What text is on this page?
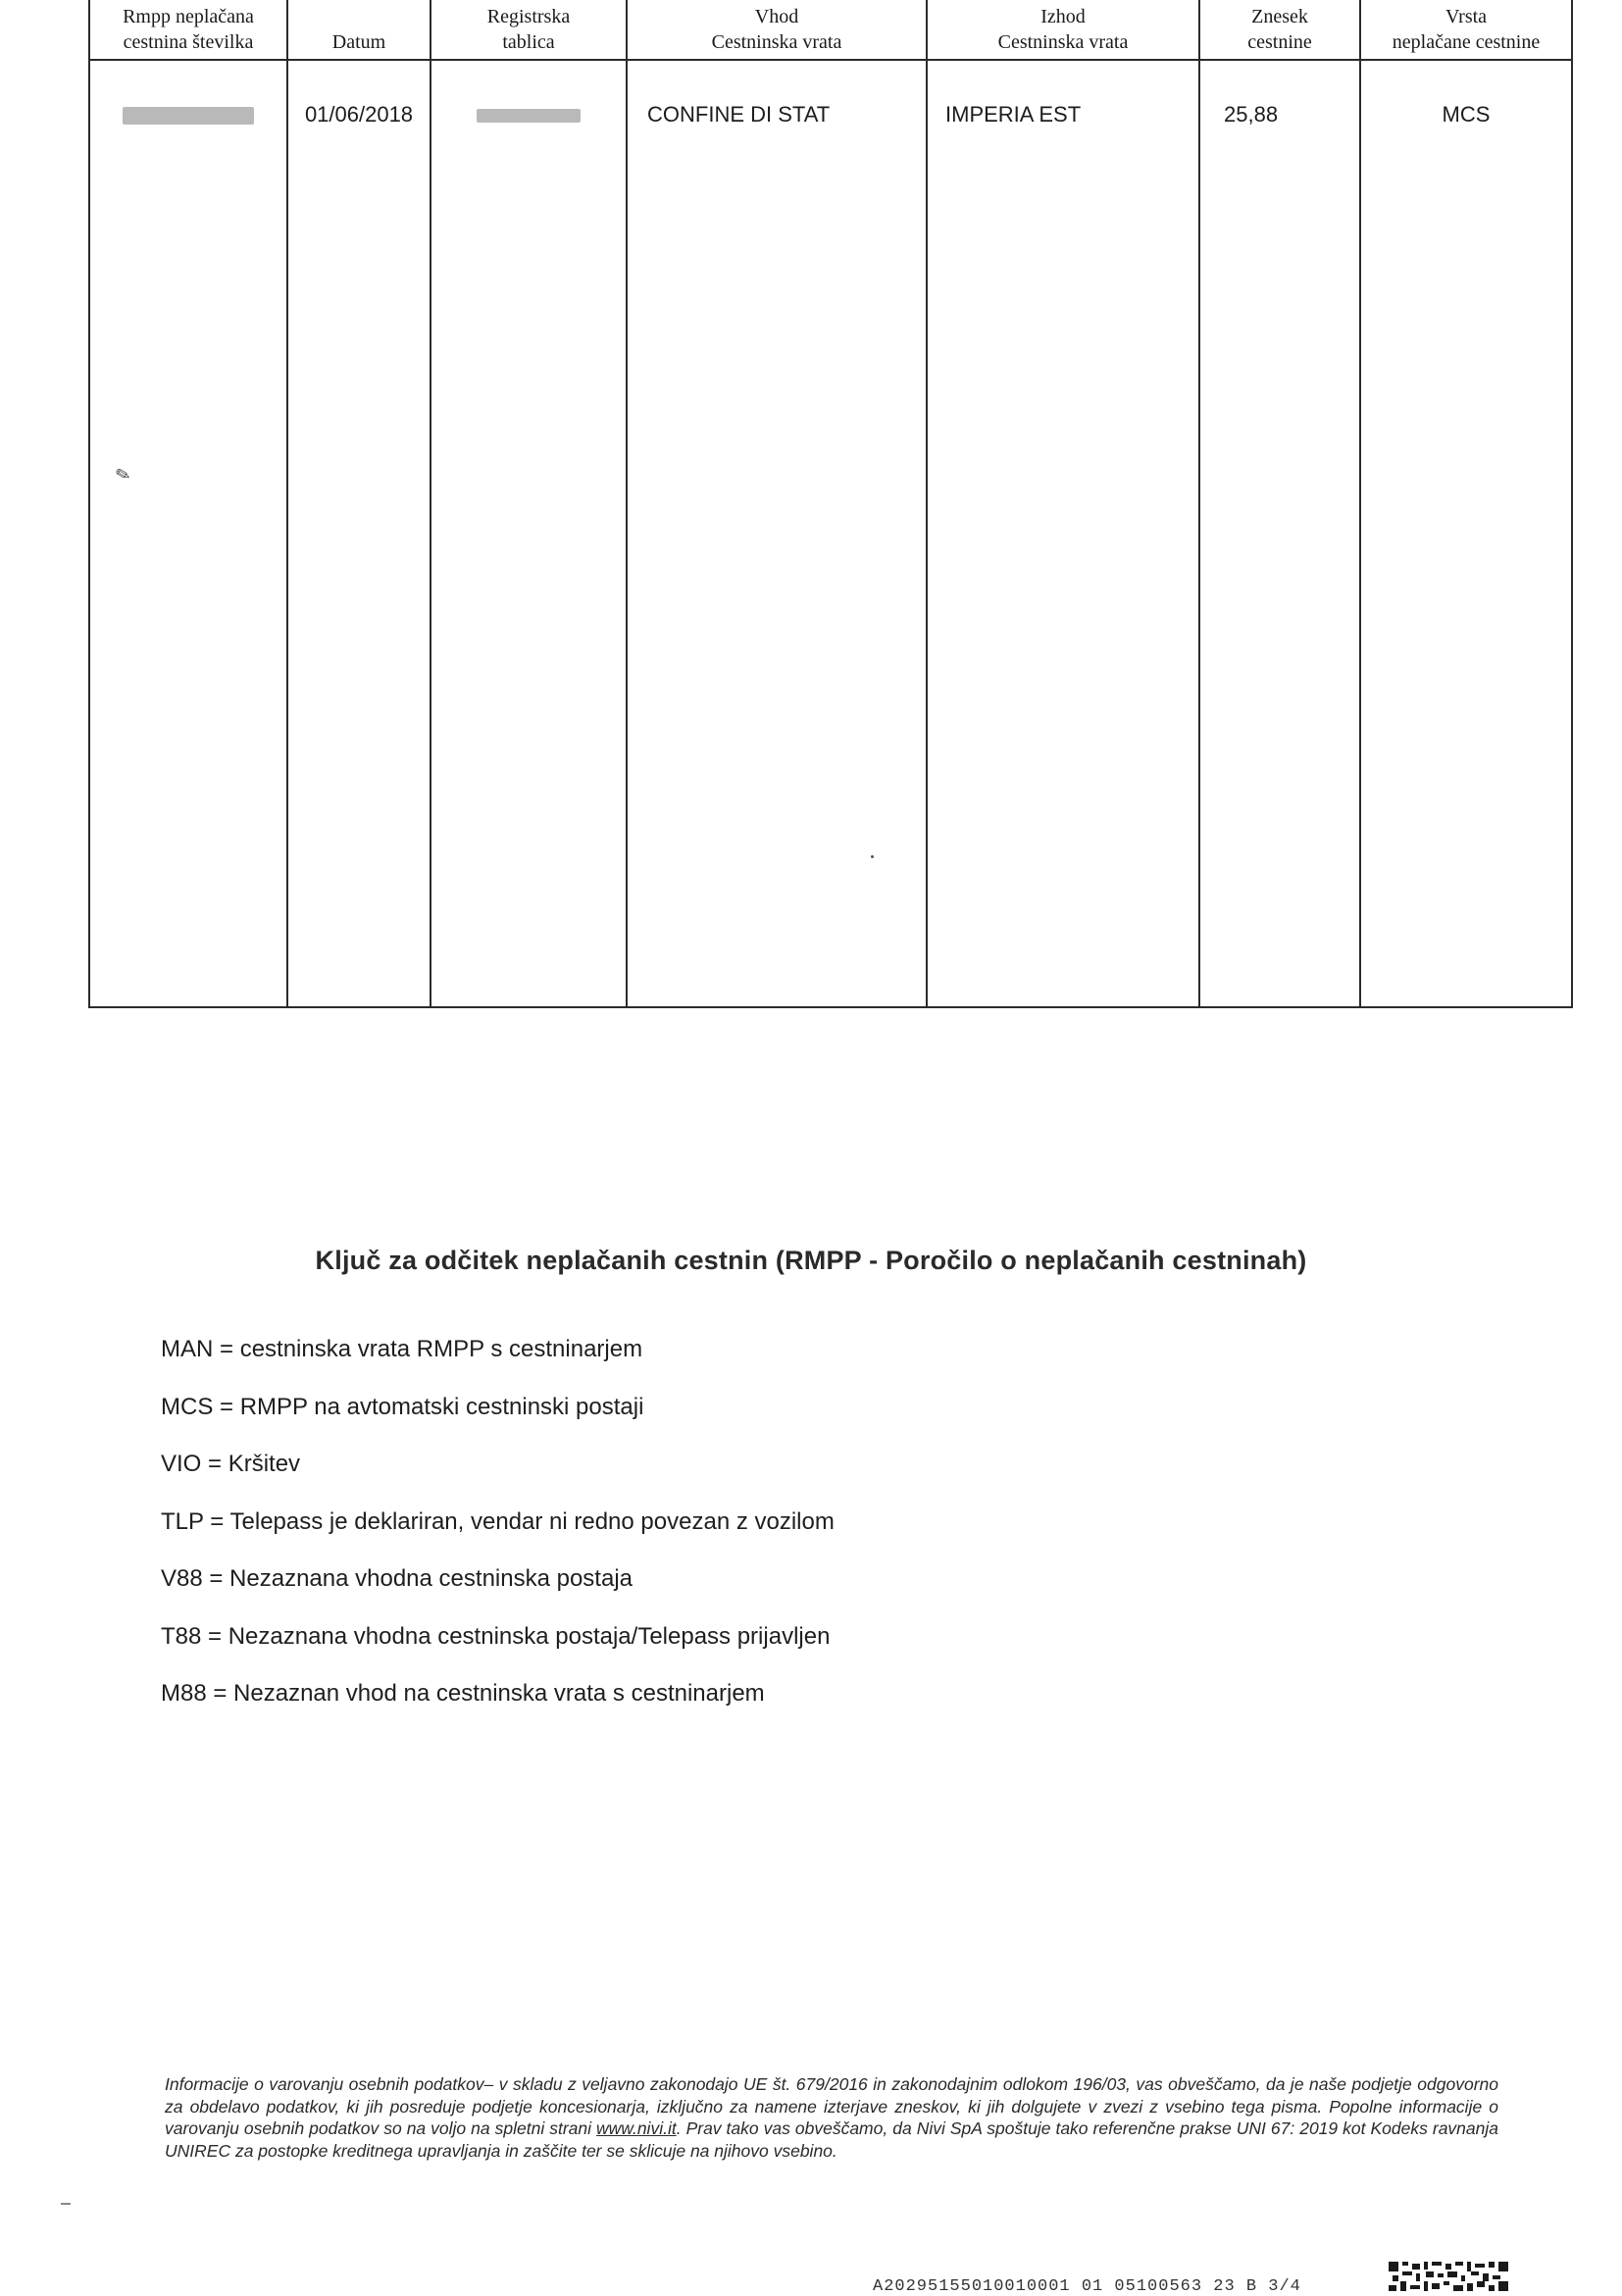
Rmpp neplačana
cestnina številka	Datum
01/06/2018
Registrska
tablica
Vhod
Cestninska vrata
CONFINE DI STAT
Izhod
Cestninska vrata
IMPERIA EST
Znesek
cestnine
25,88
Vrsta
neplačane cestnine
MCS
✎
Ključ za odčitek neplačanih cestnin (RMPP - Poročilo o neplačanih cestninah)
MAN = cestninska vrata RMPP s cestninarjem
MCS = RMPP na avtomatski cestninski postaji
VIO = Kršitev
TLP = Telepass je deklariran, vendar ni redno povezan z vozilom
V88 = Nezaznana vhodna cestninska postaja
T88 = Nezaznana vhodna cestninska postaja/Telepass prijavljen
M88 = Nezaznan vhod na cestninska vrata s cestninarjem
Informacije o varovanju osebnih podatkov– v skladu z veljavno zakonodajo UE št. 679/2016 in zakonodajnim odlokom 196/03, vas obveščamo, da je naše podjetje odgovorno za obdelavo podatkov, ki jih posreduje podjetje koncesionarja, izključno za namene izterjave zneskov, ki jih dolgujete v zvezi z vsebino tega pisma. Popolne informacije o varovanju osebnih podatkov so na voljo na spletni strani www.nivi.it. Prav tako vas obveščamo, da Nivi SpA spoštuje tako referenčne prakse UNI 67: 2019 kot Kodeks ravnanja UNIREC za postopke kreditnega upravljanja in zaščite ter se sklicuje na njihovo vsebino.
A20295155010010001 01 05100563 23 B 3/4
